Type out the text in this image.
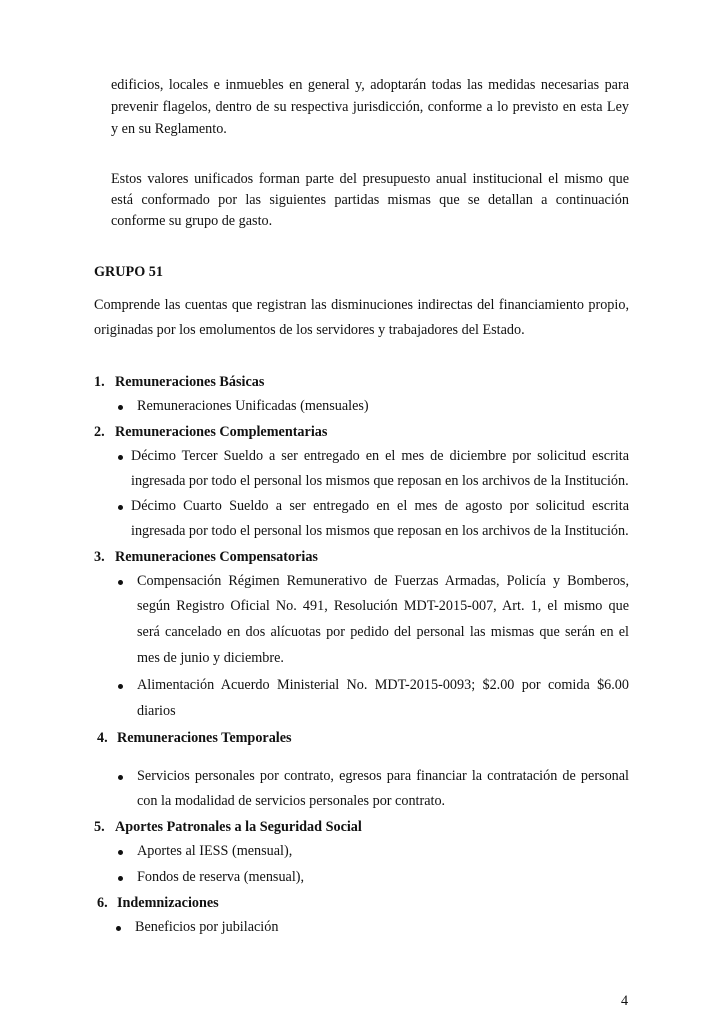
edificios, locales e inmuebles en general y, adoptarán todas las medidas necesarias para
prevenir flagelos, dentro de su respectiva jurisdicción, conforme a lo previsto en esta Ley
y en su Reglamento.
Estos valores unificados forman parte del presupuesto anual institucional el mismo que
está conformado por las siguientes partidas mismas que se detallan a continuación
conforme su grupo de gasto.
GRUPO 51
Comprende las cuentas que registran las disminuciones indirectas del financiamiento propio,
originadas por los emolumentos de los servidores y trabajadores del Estado.
1. Remuneraciones Básicas
Remuneraciones Unificadas (mensuales)
2. Remuneraciones Complementarias
Décimo Tercer Sueldo a ser entregado en el mes de diciembre por solicitud escrita
ingresada por todo el personal los mismos que reposan en los archivos de la Institución.
Décimo Cuarto Sueldo a ser entregado en el mes de agosto por solicitud escrita
ingresada por todo el personal los mismos que reposan en los archivos de la Institución.
3. Remuneraciones Compensatorias
Compensación Régimen Remunerativo de Fuerzas Armadas, Policía y Bomberos,
según Registro Oficial No. 491, Resolución MDT-2015-007, Art. 1, el mismo que
será cancelado en dos alícuotas por pedido del personal las mismas que serán en el
mes de junio y diciembre.
Alimentación Acuerdo Ministerial No. MDT-2015-0093; $2.00 por comida $6.00
diarios
4. Remuneraciones Temporales
Servicios personales por contrato, egresos para financiar la contratación de personal
con la modalidad de servicios personales por contrato.
5. Aportes Patronales a la Seguridad Social
Aportes al IESS (mensual),
Fondos de reserva (mensual),
6. Indemnizaciones
Beneficios por jubilación
4
